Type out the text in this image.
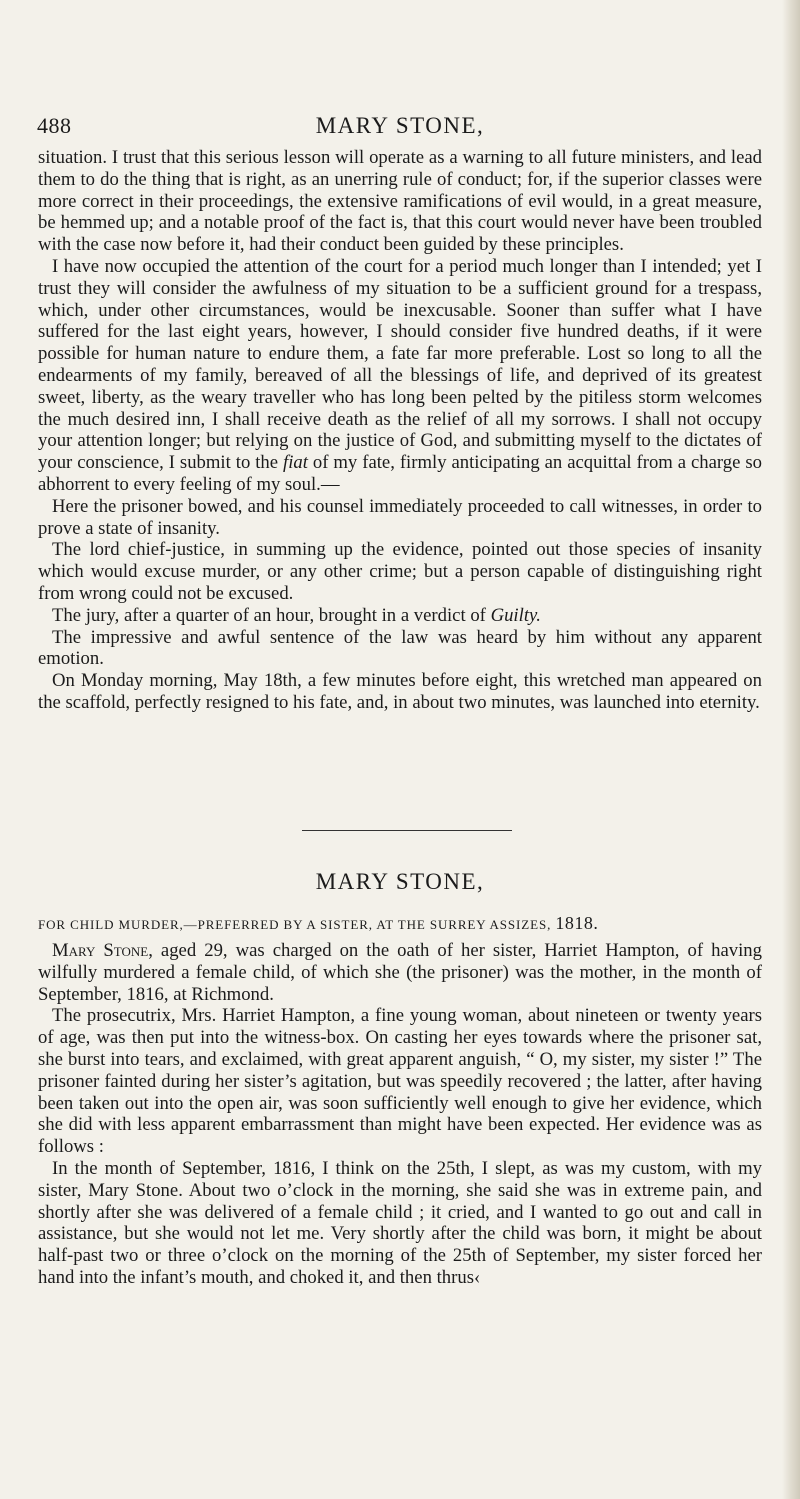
488	MARY STONE,

situation. I trust that this serious lesson will operate as a warning to all future ministers, and lead them to do the thing that is right, as an unerring rule of conduct; for, if the superior classes were more correct in their proceedings, the extensive ramifications of evil would, in a great measure, be hemmed up; and a notable proof of the fact is, that this court would never have been troubled with the case now before it, had their conduct been guided by these principles.

I have now occupied the attention of the court for a period much longer than I intended; yet I trust they will consider the awfulness of my situation to be a sufficient ground for a trespass, which, under other circumstances, would be inexcusable. Sooner than suffer what I have suffered for the last eight years, however, I should consider five hundred deaths, if it were possible for human nature to endure them, a fate far more preferable. Lost so long to all the endearments of my family, bereaved of all the blessings of life, and deprived of its greatest sweet, liberty, as the weary traveller who has long been pelted by the pitiless storm welcomes the much desired inn, I shall receive death as the relief of all my sorrows. I shall not occupy your attention longer; but relying on the justice of God, and submitting myself to the dictates of your conscience, I submit to the fiat of my fate, firmly anticipating an acquittal from a charge so abhorrent to every feeling of my soul.—

Here the prisoner bowed, and his counsel immediately proceeded to call witnesses, in order to prove a state of insanity.

The lord chief-justice, in summing up the evidence, pointed out those species of insanity which would excuse murder, or any other crime; but a person capable of distinguishing right from wrong could not be excused.

The jury, after a quarter of an hour, brought in a verdict of Guilty.

The impressive and awful sentence of the law was heard by him without any apparent emotion.

On Monday morning, May 18th, a few minutes before eight, this wretched man appeared on the scaffold, perfectly resigned to his fate, and, in about two minutes, was launched into eternity.

MARY STONE,
FOR CHILD MURDER,—PREFERRED BY A SISTER, AT THE SURREY ASSIZES, 1818.

Mary Stone, aged 29, was charged on the oath of her sister, Harriet Hampton, of having wilfully murdered a female child, of which she (the prisoner) was the mother, in the month of September, 1816, at Richmond.

The prosecutrix, Mrs. Harriet Hampton, a fine young woman, about nineteen or twenty years of age, was then put into the witness-box. On casting her eyes towards where the prisoner sat, she burst into tears, and exclaimed, with great apparent anguish, “ O, my sister, my sister !” The prisoner fainted during her sister’s agitation, but was speedily recovered ; the latter, after having been taken out into the open air, was soon sufficiently well enough to give her evidence, which she did with less apparent embarrassment than might have been expected. Her evidence was as follows :

In the month of September, 1816, I think on the 25th, I slept, as was my custom, with my sister, Mary Stone. About two o’clock in the morning, she said she was in extreme pain, and shortly after she was delivered of a female child ; it cried, and I wanted to go out and call in assistance, but she would not let me. Very shortly after the child was born, it might be about half-past two or three o’clock on the morning of the 25th of September, my sister forced her hand into the infant’s mouth, and choked it, and then thrus‹
